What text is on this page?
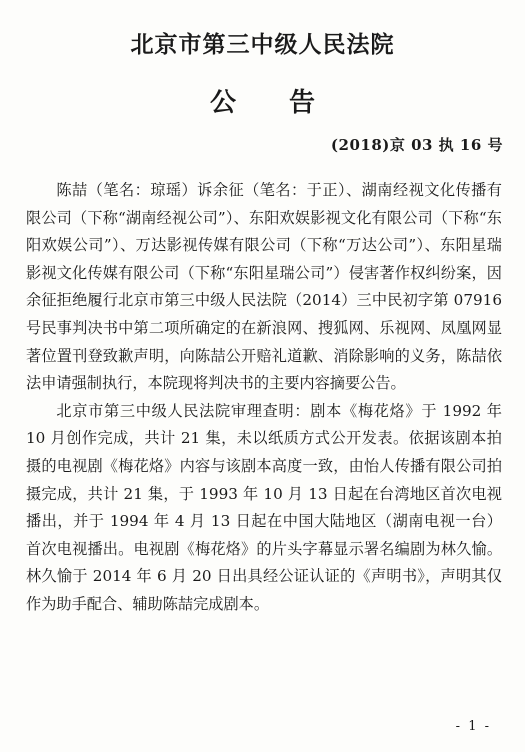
北京市第三中级人民法院
公 告
(2018)京 03 执 16 号

陈喆（笔名：琼瑶）诉余征（笔名：于正）、湖南经视文化传播有限公司（下称“湖南经视公司”）、东阳欢娱影视文化有限公司（下称“东阳欢娱公司”）、万达影视传媒有限公司（下称“万达公司”）、东阳星瑞影视文化传媒有限公司（下称“东阳星瑞公司”）侵害著作权纠纷案，因余征拒绝履行北京市第三中级人民法院（2014）三中民初字第 07916 号民事判决书中第二项所确定的在新浪网、搜狐网、乐视网、凤凰网显著位置刊登致歉声明，向陈喆公开赔礼道歉、消除影响的义务，陈喆依法申请强制执行，本院现将判决书的主要内容摘要公告。

北京市第三中级人民法院审理查明：剧本《梅花烙》于 1992 年 10 月创作完成，共计 21 集，未以纸质方式公开发表。依据该剧本拍摄的电视剧《梅花烙》内容与该剧本高度一致，由怡人传播有限公司拍摄完成，共计 21 集，于 1993 年 10 月 13 日起在台湾地区首次电视播出，并于 1994 年 4 月 13 日起在中国大陆地区（湖南电视一台）首次电视播出。电视剧《梅花烙》的片头字幕显示署名编剧为林久愉。林久愉于 2014 年 6 月 20 日出具经公证认证的《声明书》，声明其仅作为助手配合、辅助陈喆完成剧本。

- 1 -
